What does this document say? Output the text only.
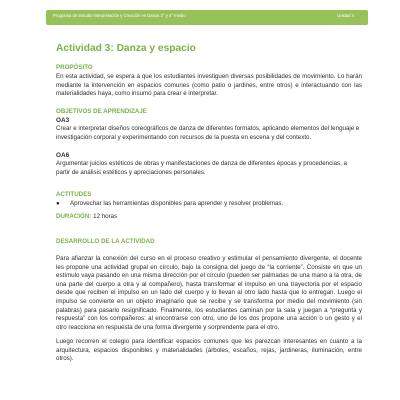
Programa de Estudio Interpretación y Creación en Danza 3° y 4° medio	Unidad 4
Actividad 3: Danza y espacio

PROPÓSITO

En esta actividad, se espera a que los estudiantes investiguen diversas posibilidades de movimiento. Lo harán mediante la intervención en espacios comunes (como patio o jardines, entre otros) e interactuando con las materialidades haya, como insumo para crear e interpretar.

OBJETIVOS DE APRENDIZAJE

OA3

Crear e interpretar diseños coreográficos de danza de diferentes formatos, aplicando elementos del lenguaje e investigación corporal y experimentando con recursos de la puesta en escena y del contexto.

OA6

Argumentar juicios estéticos de obras y manifestaciones de danza de diferentes épocas y procedencias, a partir de análisis estéticos y apreciaciones personales.

ACTITUDES

●	Aprovechar las herramientas disponibles para aprender y resolver problemas.

DURACIÓN: 12 horas

DESARROLLO DE LA ACTIVIDAD

Para afianzar la conexión del curso en el proceso creativo y estimular el pensamiento divergente, el docente les propone una actividad grupal en círculo, bajo la consigna del juego de “la corriente”. Consiste en que un estímulo vaya pasando en una misma dirección por el círculo (pueden ser palmadas de una mano a la otra, de una parte del cuerpo a otra y al compañero), hasta transformar el impulso en una trayectoria por el espacio desde que reciben el impulso en un lado del cuerpo y lo llevan al otro lado hasta que lo entregan. Luego el impulso se convierte en un objeto imaginario que se recibe y se transforma por medio del movimiento (sin palabras) para pasarlo resignificado. Finalmente, los estudiantes caminan por la sala y juegan a “pregunta y respuesta” con los compañeros: al encontrarse con otro, uno de los dos propone una acción o un gesto y el otro reacciona en respuesta de una forma divergente y sorprendente para el otro.

Luego recorren el colegio para identificar espacios comunes que les parezcan interesantes en cuanto a la arquitectura, espacios disponibles y materialidades (árboles, escaños, rejas, jardineras, iluminación, entre otros).
